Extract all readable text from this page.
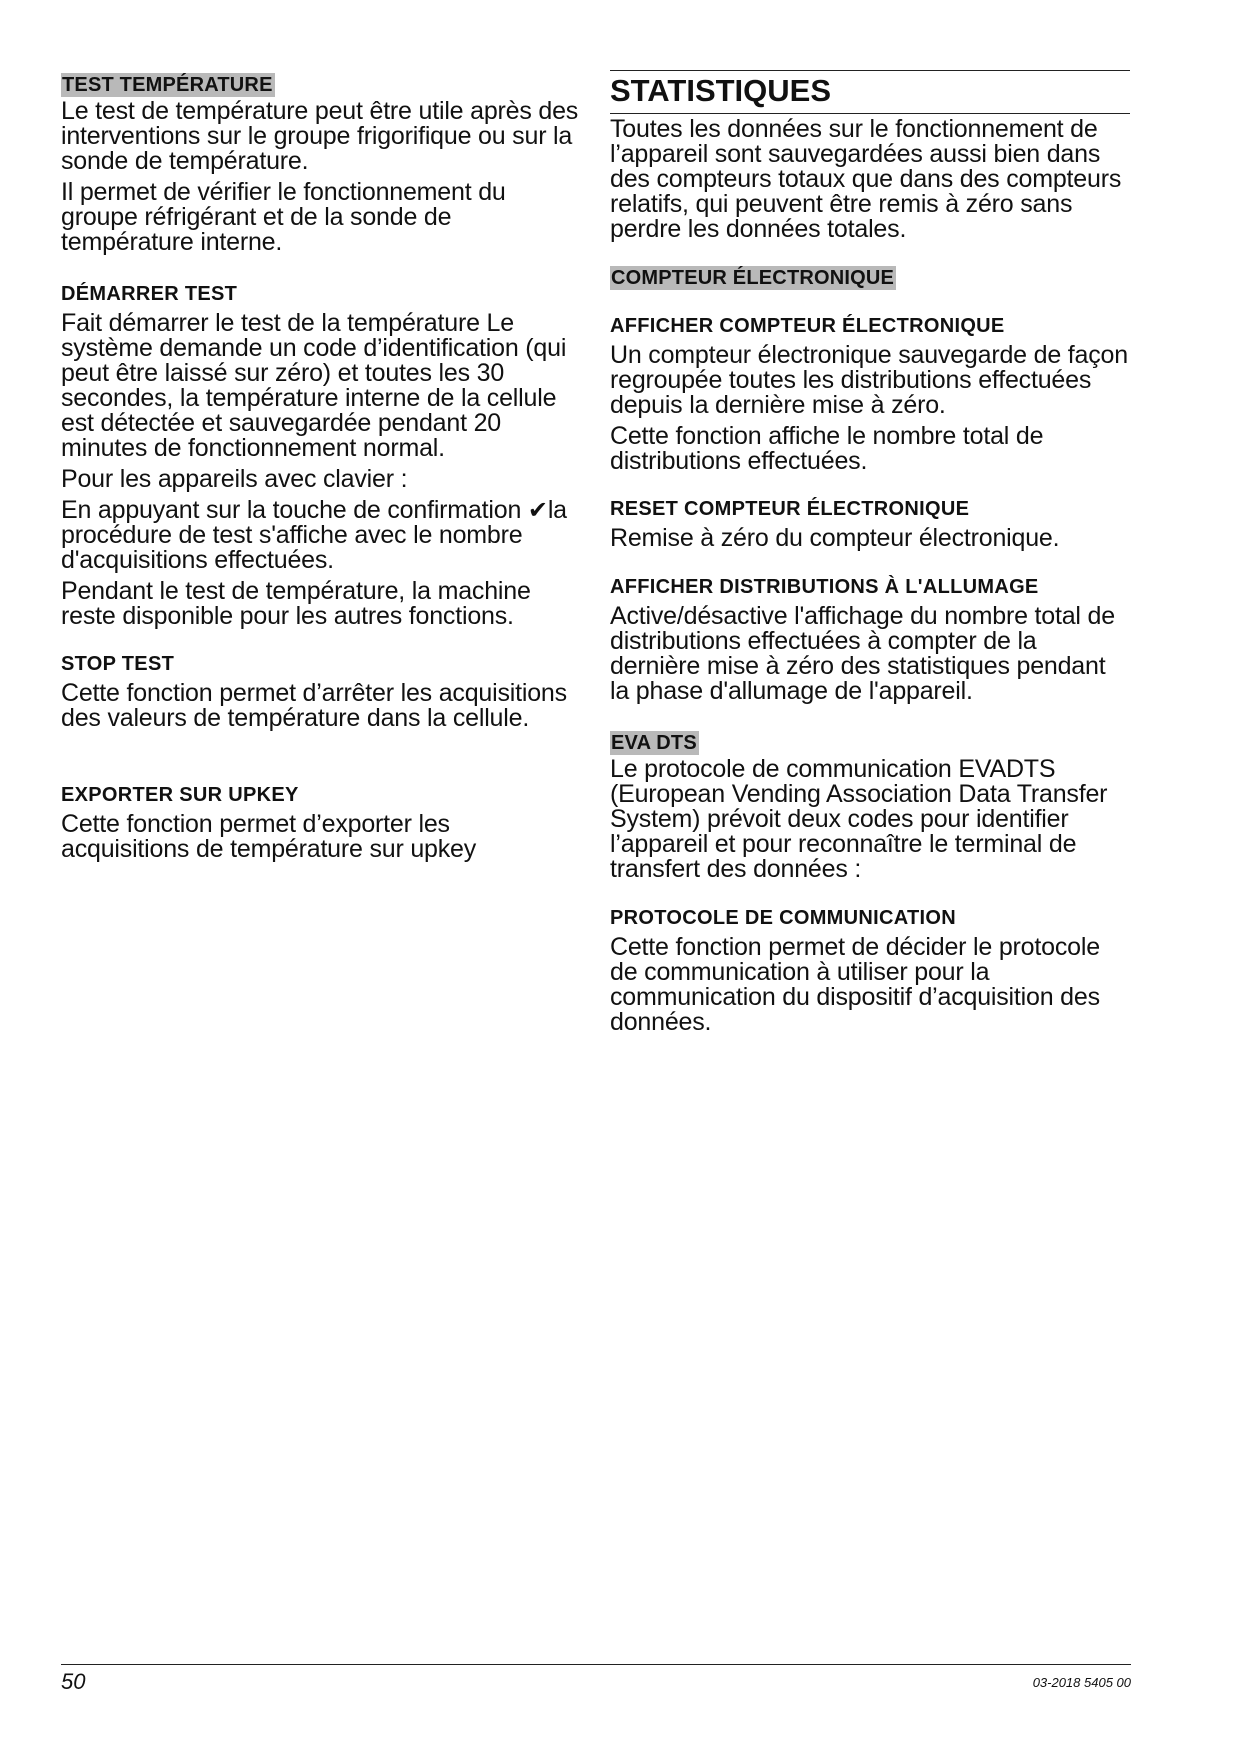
TEST TEMPÉRATURE
Le test de température peut être utile après des interventions sur le groupe frigorifique ou sur la sonde de température.
Il permet de vérifier le fonctionnement du groupe réfrigérant et de la sonde de température interne.
DÉMARRER TEST
Fait démarrer le test de la température Le système demande un code d’identification (qui peut être laissé sur zéro) et toutes les 30 secondes, la température interne de la cellule est détectée et sauvegardée pendant 20 minutes de fonctionnement normal.
Pour les appareils avec clavier :
En appuyant sur la touche de confirmation ✔la procédure de test s'affiche avec le nombre d'acquisitions effectuées.
Pendant le test de température, la machine reste disponible pour les autres fonctions.
STOP TEST
Cette fonction permet d’arrêter les acquisitions des valeurs de température dans la cellule.
EXPORTER SUR UPKEY
Cette fonction permet d’exporter les acquisitions de température sur upkey
STATISTIQUES
Toutes les données sur le fonctionnement de l’appareil sont sauvegardées aussi bien dans des compteurs totaux que dans des compteurs relatifs, qui peuvent être remis à zéro sans perdre les données totales.
COMPTEUR ÉLECTRONIQUE
AFFICHER COMPTEUR ÉLECTRONIQUE
Un compteur électronique sauvegarde de façon regroupée toutes les distributions effectuées depuis la dernière mise à zéro.
Cette fonction affiche le nombre total de distributions effectuées.
RESET COMPTEUR ÉLECTRONIQUE
Remise à zéro du compteur électronique.
AFFICHER DISTRIBUTIONS À L'ALLUMAGE
Active/désactive l'affichage du nombre total de distributions effectuées à compter de la dernière mise à zéro des statistiques pendant la phase d'allumage de l'appareil.
EVA DTS
Le protocole de communication EVADTS (European Vending Association Data Transfer System) prévoit deux codes pour identifier l’appareil et pour reconnaître le terminal de transfert des données :
PROTOCOLE DE COMMUNICATION
Cette fonction permet de décider le protocole de communication à utiliser pour la communication du dispositif d’acquisition des données.
50	03-2018 5405 00
